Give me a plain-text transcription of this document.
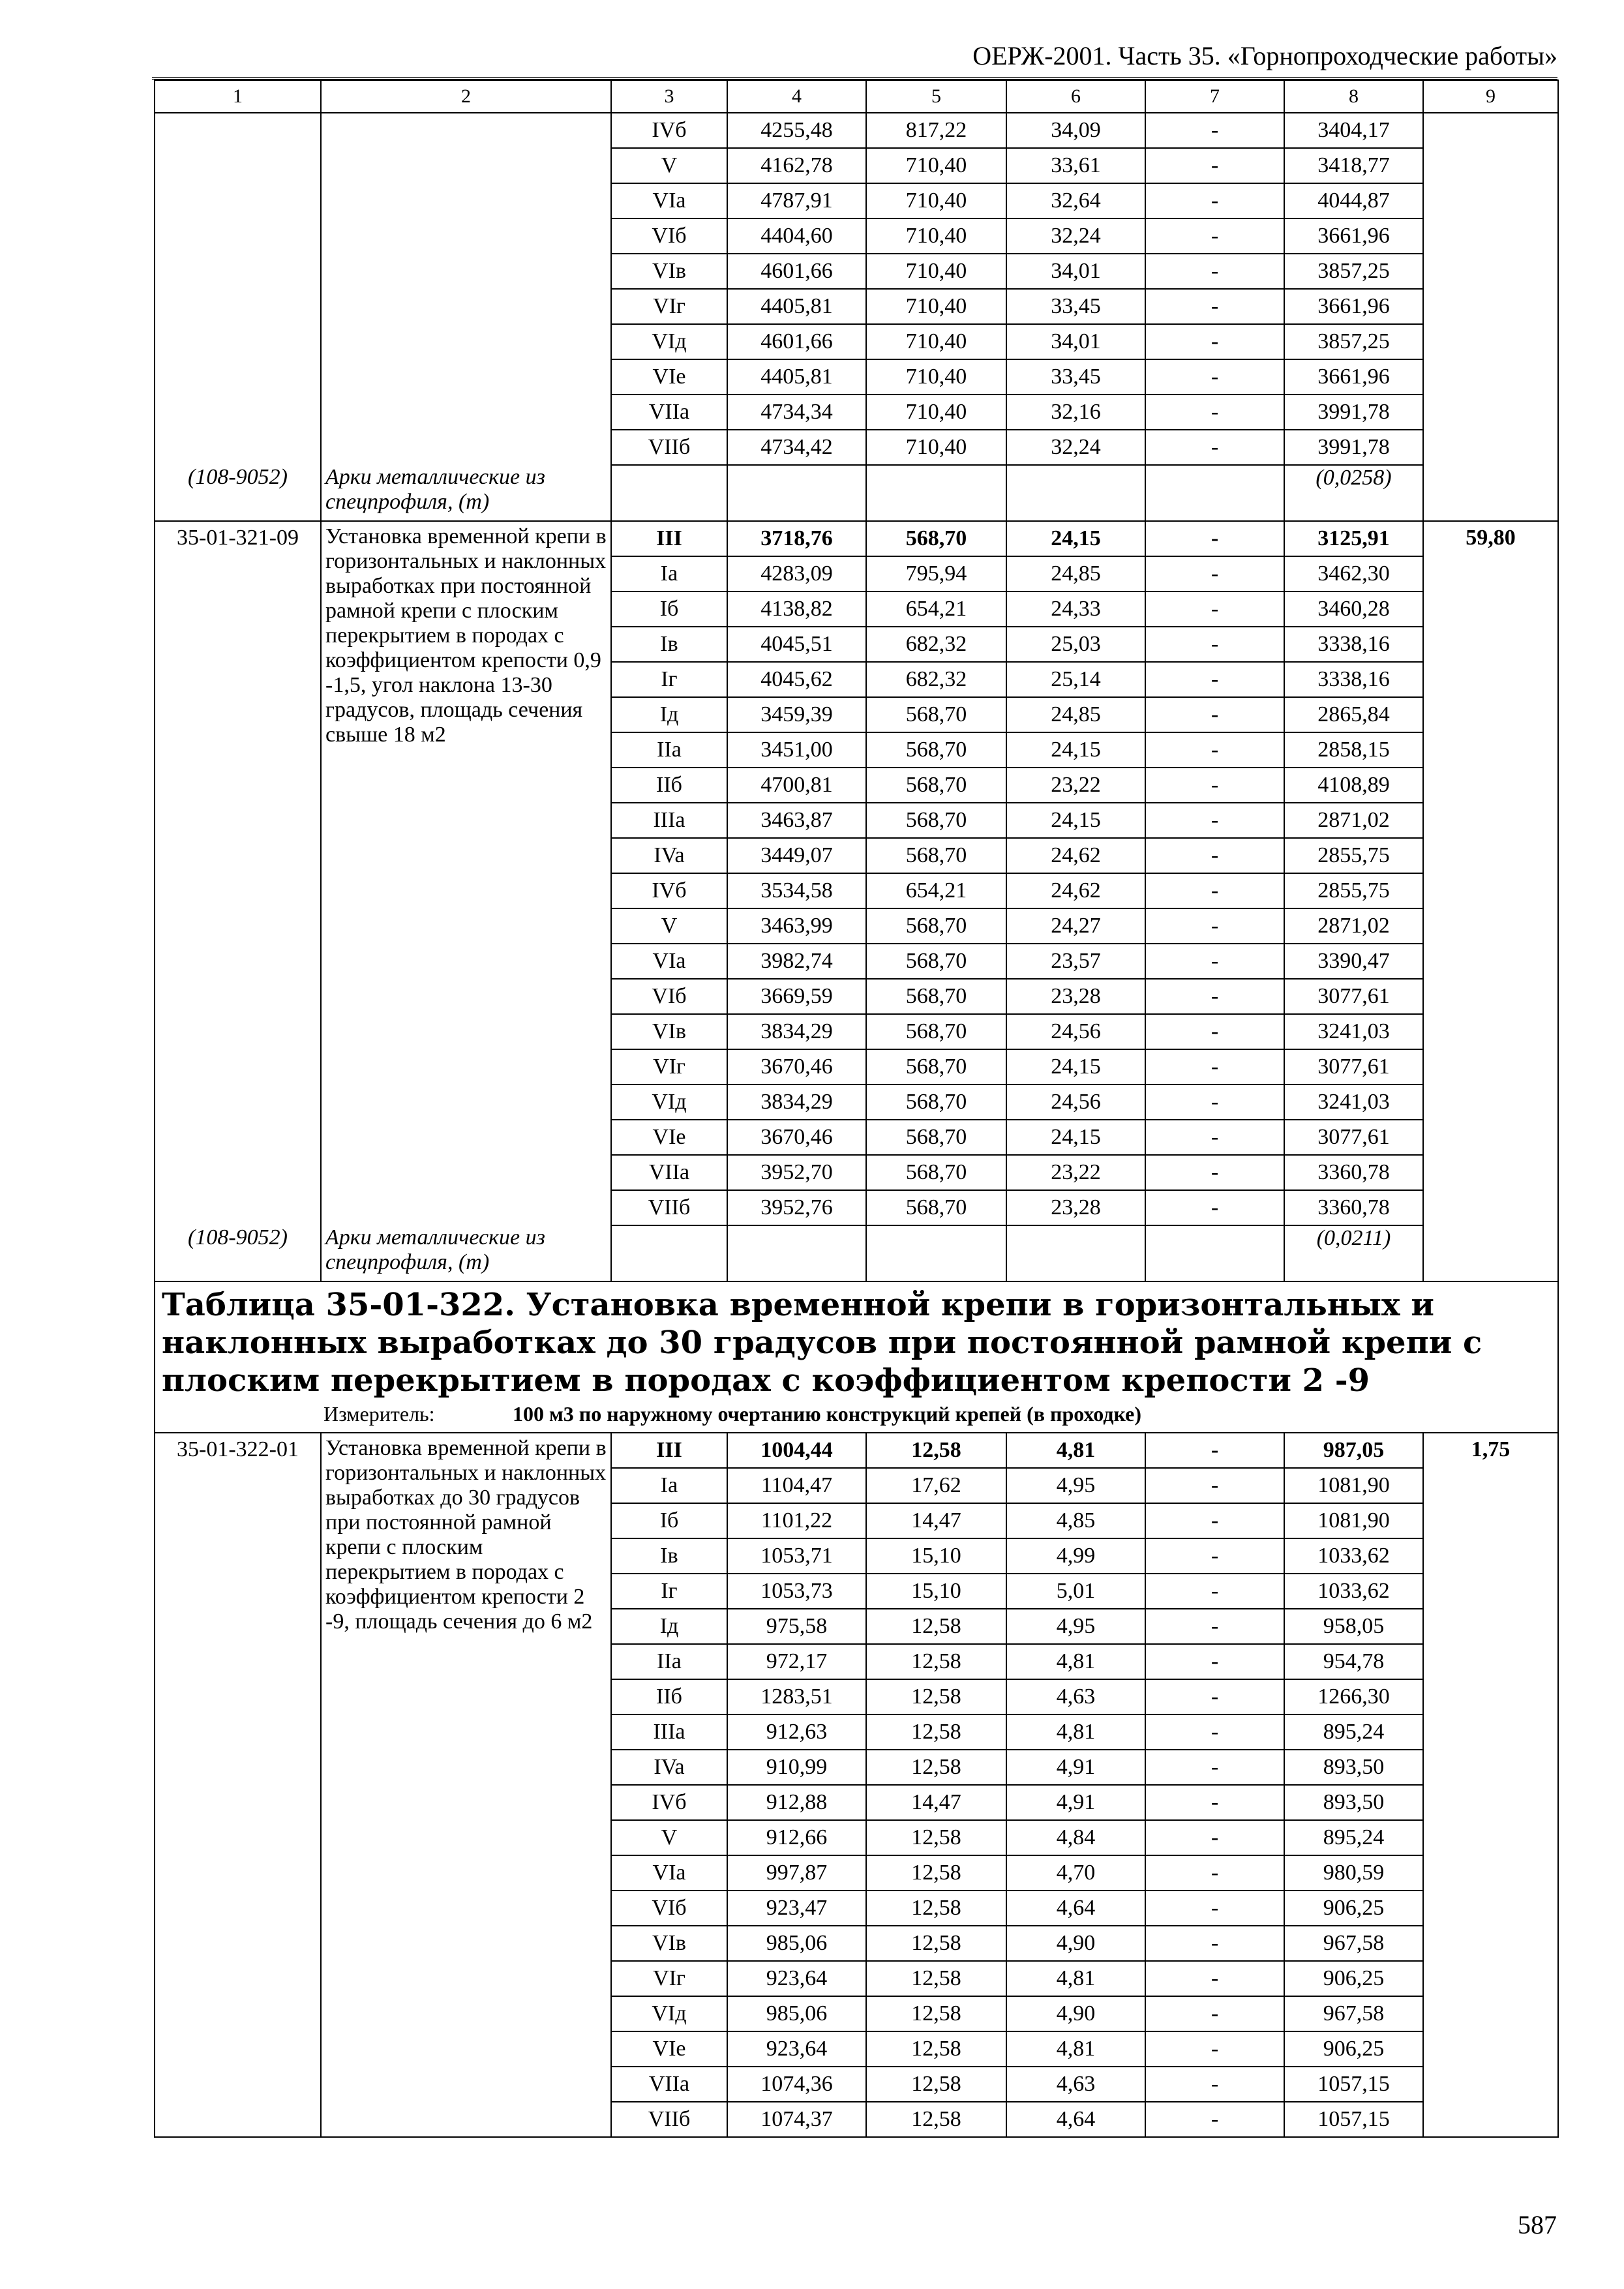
ОЕРЖ-2001. Часть 35. «Горнопроходческие работы»
1	2	3	4	5	6	7	8	9
		IVб	4255,48	817,22	34,09	-	3404,17	
		V	4162,78	710,40	33,61	-	3418,77	
		VIa	4787,91	710,40	32,64	-	4044,87	
		VIб	4404,60	710,40	32,24	-	3661,96	
		VIв	4601,66	710,40	34,01	-	3857,25	
		VIг	4405,81	710,40	33,45	-	3661,96	
		VIд	4601,66	710,40	34,01	-	3857,25	
		VIe	4405,81	710,40	33,45	-	3661,96	
		VIIa	4734,34	710,40	32,16	-	3991,78	
		VIIб	4734,42	710,40	32,24	-	3991,78	
(108-9052)	Арки металлические из спецпрофиля, (т)						(0,0258)	
35-01-321-09	Установка временной крепи в горизонтальных и наклонных выработках при постоянной рамной крепи с плоским перекрытием в породах с коэффициентом крепости 0,9 -1,5, угол наклона 13-30 градусов, площадь сечения свыше 18 м2	III	3718,76	568,70	24,15	-	3125,91	59,80
		Ia	4283,09	795,94	24,85	-	3462,30	
		Iб	4138,82	654,21	24,33	-	3460,28	
		Iв	4045,51	682,32	25,03	-	3338,16	
		Iг	4045,62	682,32	25,14	-	3338,16	
		Iд	3459,39	568,70	24,85	-	2865,84	
		IIa	3451,00	568,70	24,15	-	2858,15	
		IIб	4700,81	568,70	23,22	-	4108,89	
		IIIa	3463,87	568,70	24,15	-	2871,02	
		IVa	3449,07	568,70	24,62	-	2855,75	
		IVб	3534,58	654,21	24,62	-	2855,75	
		V	3463,99	568,70	24,27	-	2871,02	
		VIa	3982,74	568,70	23,57	-	3390,47	
		VIб	3669,59	568,70	23,28	-	3077,61	
		VIв	3834,29	568,70	24,56	-	3241,03	
		VIг	3670,46	568,70	24,15	-	3077,61	
		VIд	3834,29	568,70	24,56	-	3241,03	
		VIe	3670,46	568,70	24,15	-	3077,61	
		VIIa	3952,70	568,70	23,22	-	3360,78	
		VIIб	3952,76	568,70	23,28	-	3360,78	
(108-9052)	Арки металлические из спецпрофиля, (т)						(0,0211)	

Таблица 35-01-322. Установка временной крепи в горизонтальных и наклонных выработках до 30 градусов при постоянной рамной крепи с плоским перекрытием в породах с коэффициентом крепости 2 -9
Измеритель: 100 м3 по наружному очертанию конструкций крепей (в проходке)								

35-01-322-01	Установка временной крепи в горизонтальных и наклонных выработках до 30 градусов при постоянной рамной крепи с плоским перекрытием в породах с коэффициентом крепости 2 -9, площадь сечения до 6 м2	III	1004,44	12,58	4,81	-	987,05	1,75
		Ia	1104,47	17,62	4,95	-	1081,90	
		Iб	1101,22	14,47	4,85	-	1081,90	
		Iв	1053,71	15,10	4,99	-	1033,62	
		Iг	1053,73	15,10	5,01	-	1033,62	
		Iд	975,58	12,58	4,95	-	958,05	
		IIa	972,17	12,58	4,81	-	954,78	
		IIб	1283,51	12,58	4,63	-	1266,30	
		IIIa	912,63	12,58	4,81	-	895,24	
		IVa	910,99	12,58	4,91	-	893,50	
		IVб	912,88	14,47	4,91	-	893,50	
		V	912,66	12,58	4,84	-	895,24	
		VIa	997,87	12,58	4,70	-	980,59	
		VIб	923,47	12,58	4,64	-	906,25	
		VIв	985,06	12,58	4,90	-	967,58	
		VIг	923,64	12,58	4,81	-	906,25	
		VIд	985,06	12,58	4,90	-	967,58	
		VIe	923,64	12,58	4,81	-	906,25	
		VIIa	1074,36	12,58	4,63	-	1057,15	
		VIIб	1074,37	12,58	4,64	-	1057,15	
587
